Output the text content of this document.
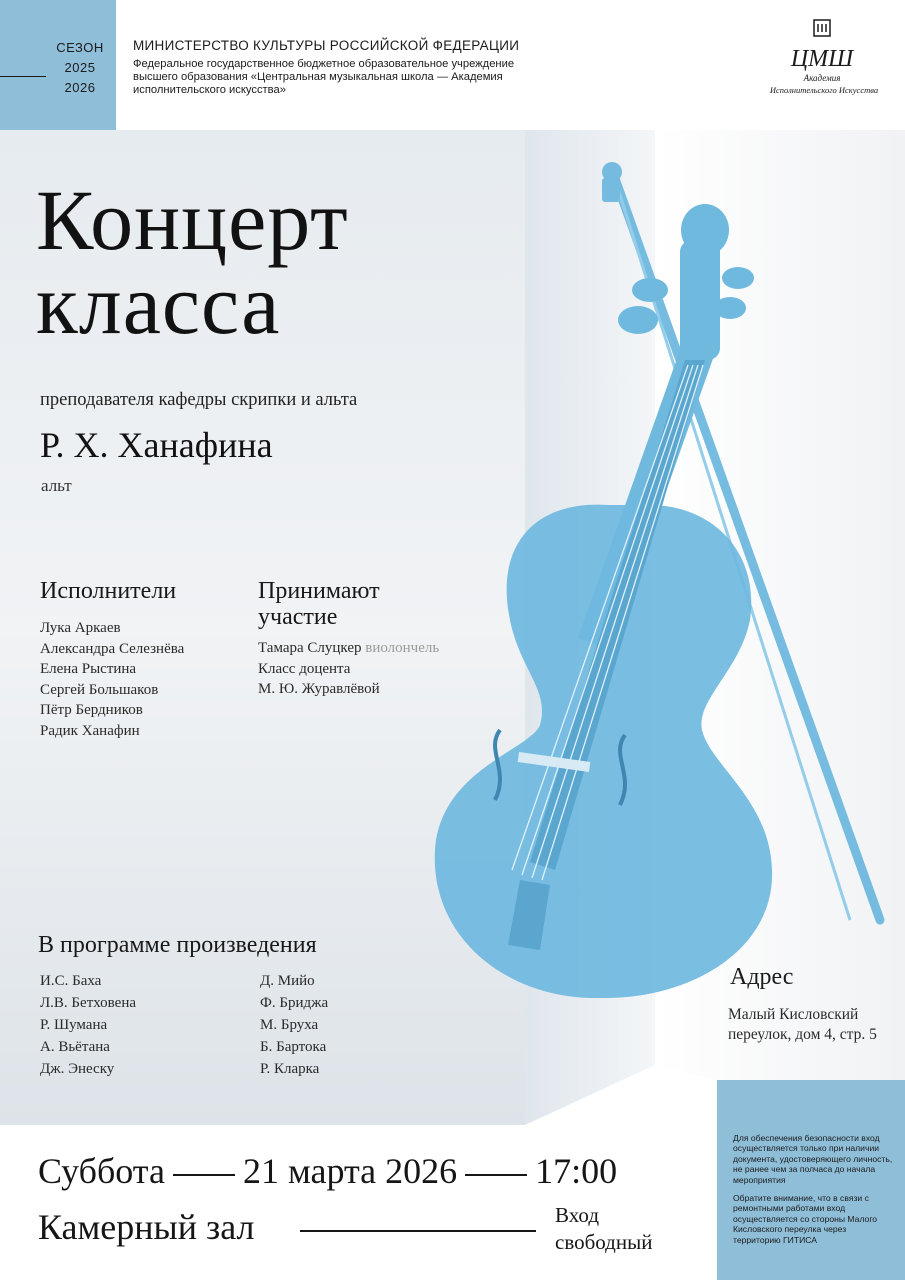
СЕЗОН
2025
2026
МИНИСТЕРСТВО КУЛЬТУРЫ РОССИЙСКОЙ ФЕДЕРАЦИИ
Федеральное государственное бюджетное образовательное учреждение
высшего образования «Центральная музыкальная школа — Академия
исполнительского искусства»
ЦМШ
Академия
Исполнительского Искусства
Концерт
класса
преподавателя кафедры скрипки и альта
Р. Х. Ханафина
альт
Исполнители
Лука Аркаев
Александра Селезнёва
Елена Рыстина
Сергей Большаков
Пётр Бердников
Радик Ханафин
Принимают
участие
Тамара Слуцкер виолончель
Класс доцента
М. Ю. Журавлёвой
В программе произведения
И.С. Баха
Л.В. Бетховена
Р. Шумана
А. Вьётана
Дж. Энеску
Д. Мийо
Ф. Бриджа
М. Бруха
Б. Бартока
Р. Кларка
Адрес
Малый Кисловский
переулок, дом 4, стр. 5

Для обеспечения безопасности вход осуществляется только при наличии документа, удостоверяющего личность, не ранее чем за полчаса до начала мероприятия

Обратите внимание, что в связи с ремонтными работами вход осуществляется со стороны Малого Кисловского переулка через территорию ГИТИСА

Суббота 21 марта 2026 17:00
Камерный зал	Вход
свободный
